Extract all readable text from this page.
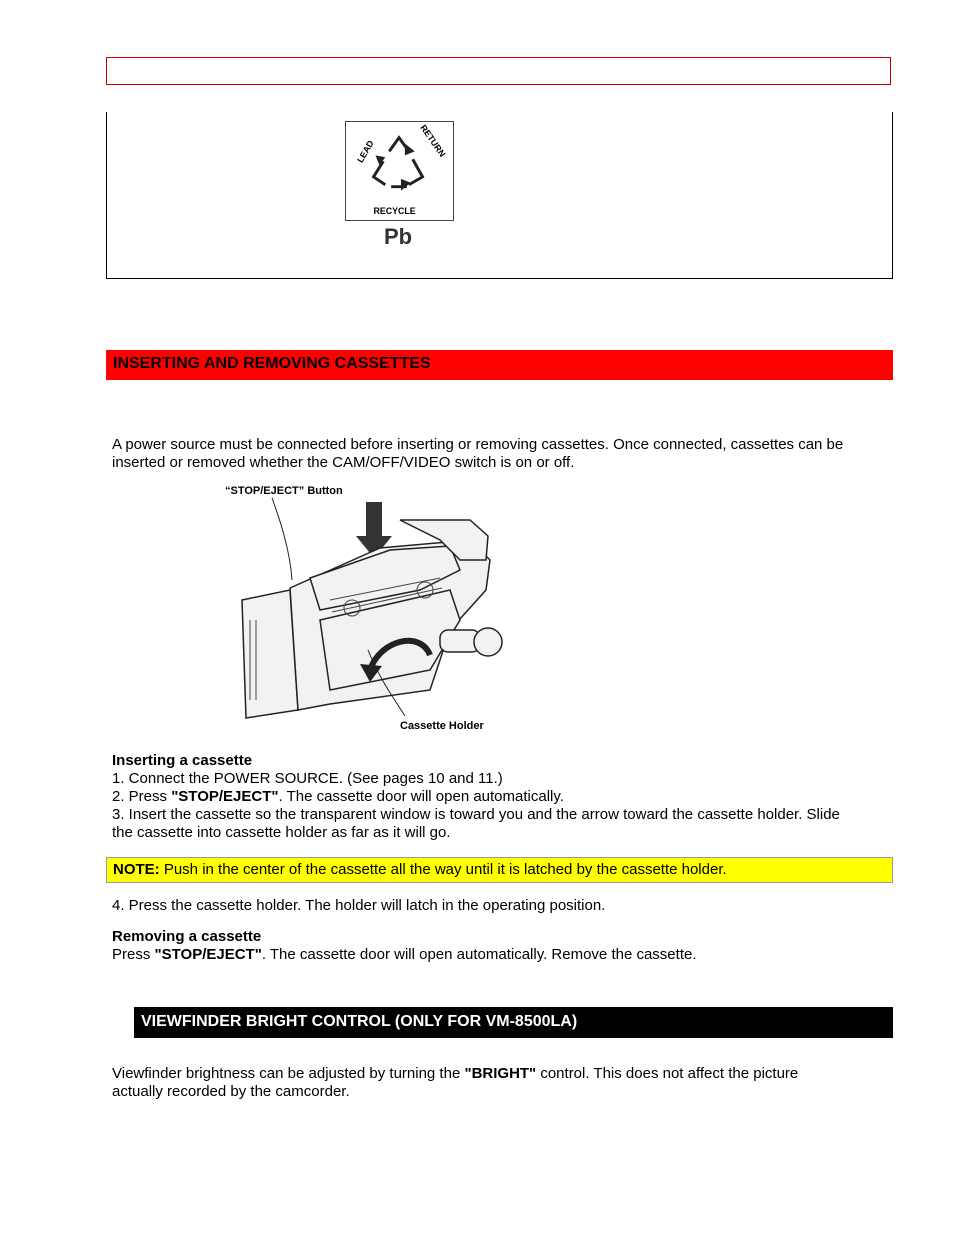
LEAD	RETURN
RECYCLE
Pb
INSERTING AND REMOVING CASSETTES
A power source must be connected before inserting or removing cassettes. Once connected, cassettes can be
inserted or removed whether the CAM/OFF/VIDEO switch is on or off.
“STOP/EJECT” Button
Cassette Holder
Inserting a cassette
1. Connect the POWER SOURCE. (See pages 10 and 11.)
2. Press "STOP/EJECT". The cassette door will open automatically.
3. Insert the cassette so the transparent window is toward you and the arrow toward the cassette holder. Slide
the cassette into cassette holder as far as it will go.
NOTE: Push in the center of the cassette all the way until it is latched by the cassette holder.
4. Press the cassette holder. The holder will latch in the operating position.
Removing a cassette
Press "STOP/EJECT". The cassette door will open automatically. Remove the cassette.
VIEWFINDER BRIGHT CONTROL (ONLY FOR VM-8500LA)
Viewfinder brightness can be adjusted by turning the "BRIGHT" control. This does not affect the picture
actually recorded by the camcorder.
